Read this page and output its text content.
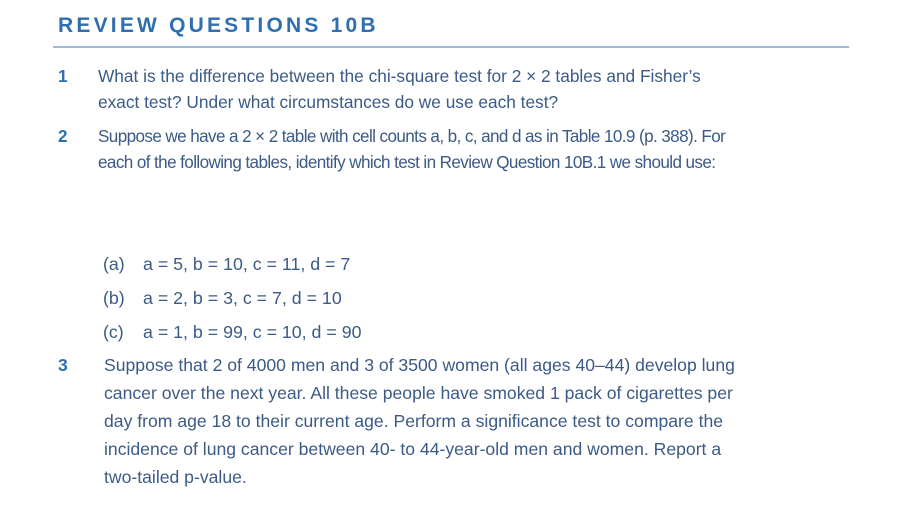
REVIEW QUESTIONS 10B
1 What is the difference between the chi-square test for 2 × 2 tables and Fisher’s
exact test? Under what circumstances do we use each test?
2 Suppose we have a 2 × 2 table with cell counts a, b, c, and d as in Table 10.9 (p. 388). For
each of the following tables, identify which test in Review Question 10B.1 we should use:
(a) a = 5, b = 10, c = 11, d = 7
(b) a = 2, b = 3, c = 7, d = 10
(c) a = 1, b = 99, c = 10, d = 90
3 Suppose that 2 of 4000 men and 3 of 3500 women (all ages 40–44) develop lung
cancer over the next year. All these people have smoked 1 pack of cigarettes per
day from age 18 to their current age. Perform a significance test to compare the
incidence of lung cancer between 40- to 44-year-old men and women. Report a
two-tailed p-value.
